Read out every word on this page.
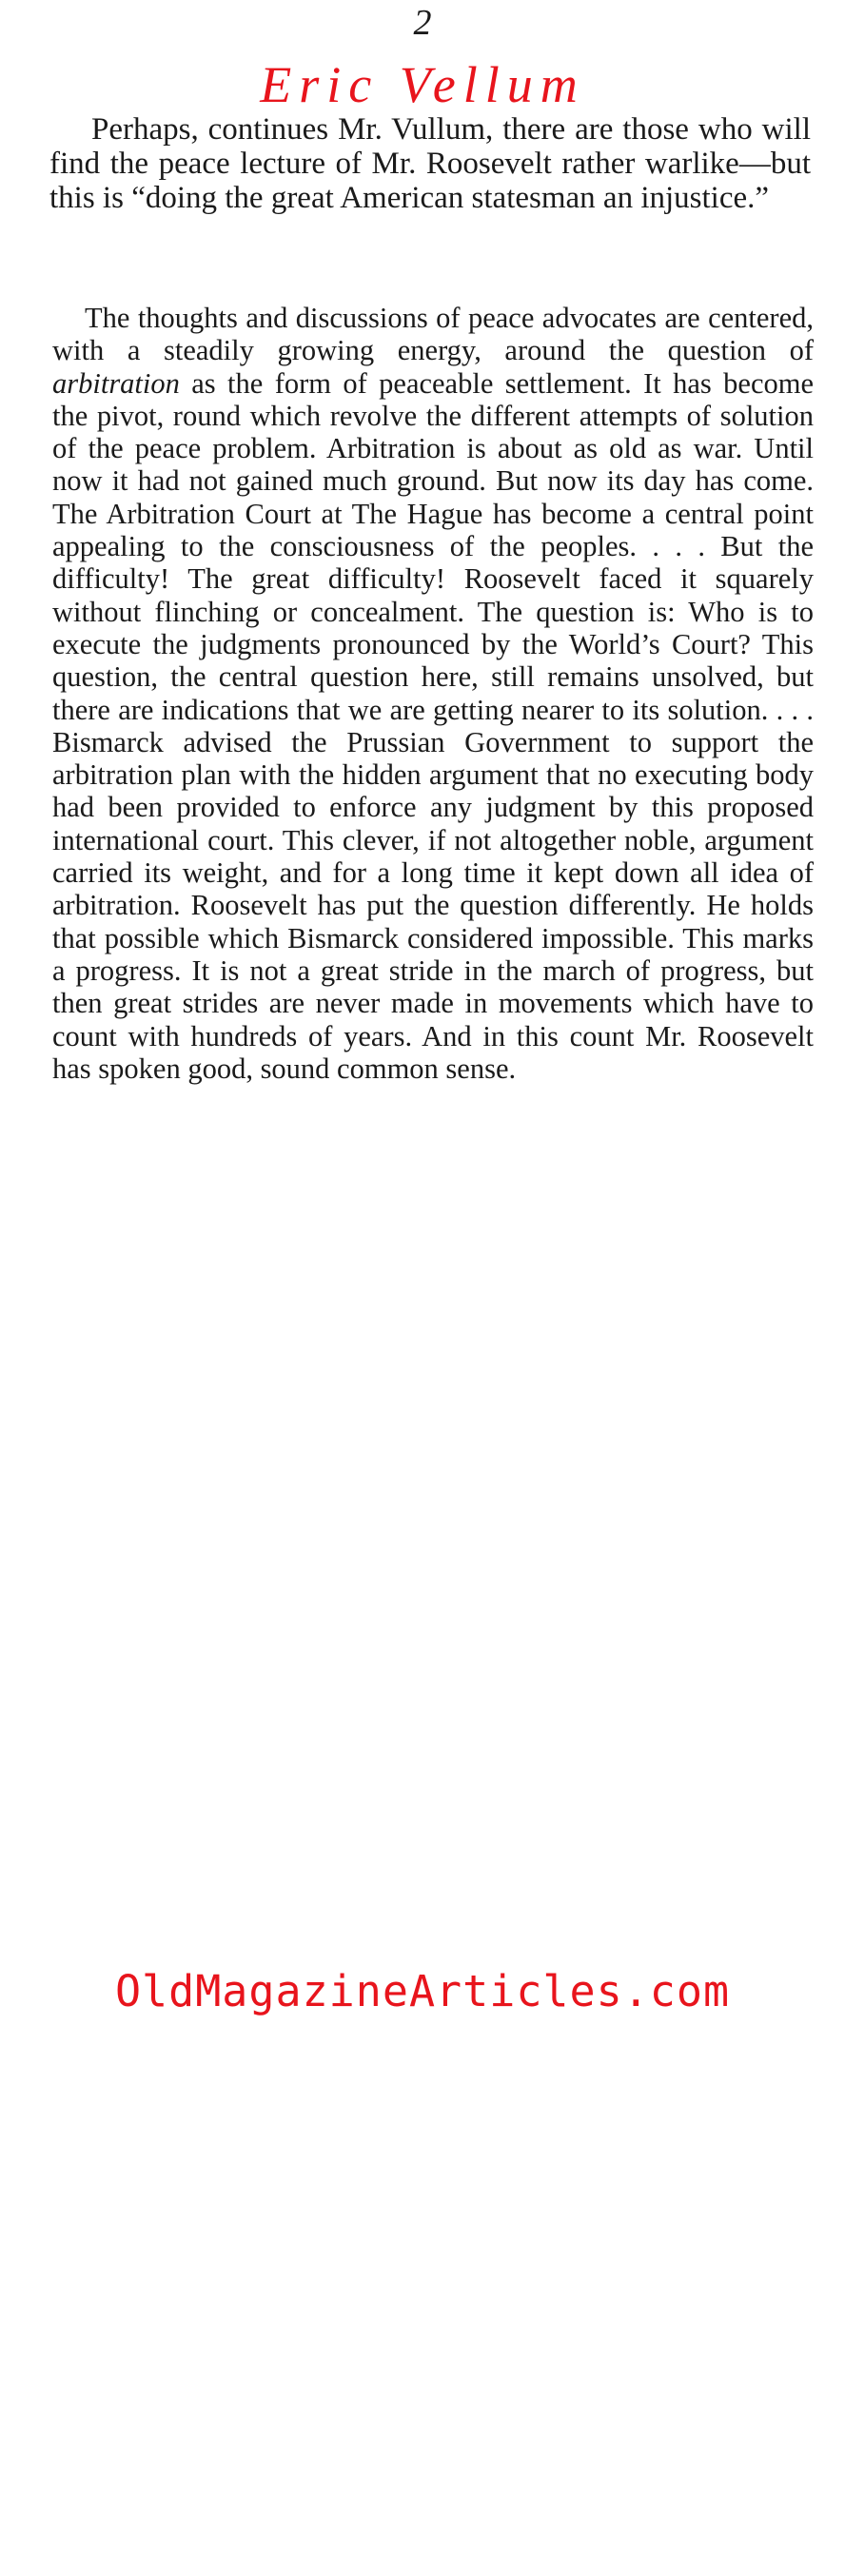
2
Eric Vellum

Perhaps, continues Mr. Vullum, there are those who will find the peace lecture of Mr. Roosevelt rather warlike—but this is “doing the great American statesman an injustice.”

The thoughts and discussions of peace advocates are centered, with a steadily growing energy, around the question of arbitration as the form of peaceable settlement. It has become the pivot, round which revolve the different attempts of solution of the peace problem. Arbitration is about as old as war. Until now it had not gained much ground. But now its day has come. The Arbitration Court at The Hague has become a central point appealing to the consciousness of the peoples. . . . But the difficulty! The great difficulty! Roosevelt faced it squarely without flinching or concealment. The question is: Who is to execute the judgments pronounced by the World’s Court? This question, the central question here, still remains unsolved, but there are indications that we are getting nearer to its solution. . . . Bismarck advised the Prussian Government to support the arbitration plan with the hidden argument that no executing body had been provided to enforce any judgment by this proposed international court. This clever, if not altogether noble, argument carried its weight, and for a long time it kept down all idea of arbitration. Roosevelt has put the question differently. He holds that possible which Bismarck considered impossible. This marks a progress. It is not a great stride in the march of progress, but then great strides are never made in movements which have to count with hundreds of years. And in this count Mr. Roosevelt has spoken good, sound common sense.

OldMagazineArticles.com
